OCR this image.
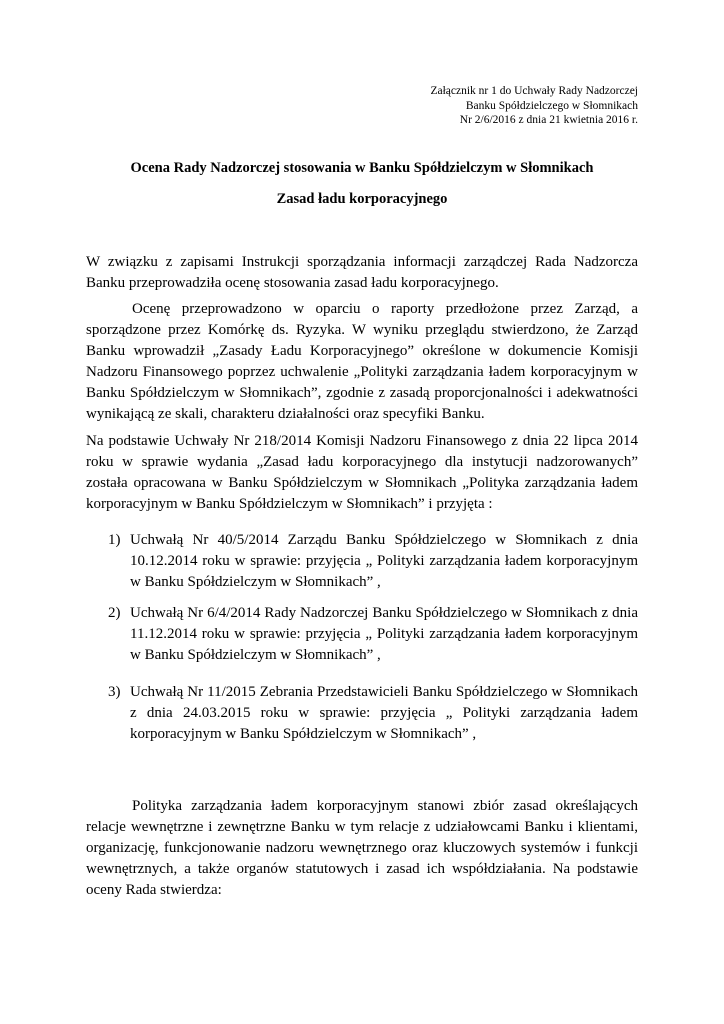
Załącznik nr 1 do Uchwały Rady Nadzorczej
Banku Spółdzielczego w Słomnikach
Nr 2/6/2016 z dnia 21 kwietnia 2016 r.
Ocena Rady Nadzorczej stosowania w Banku Spółdzielczym w Słomnikach
Zasad ładu korporacyjnego

W związku z zapisami Instrukcji sporządzania informacji zarządczej Rada Nadzorcza Banku przeprowadziła ocenę stosowania zasad ładu korporacyjnego.

Ocenę przeprowadzono w oparciu o raporty przedłożone przez Zarząd, a sporządzone przez Komórkę ds. Ryzyka. W wyniku przeglądu stwierdzono, że Zarząd Banku wprowadził „Zasady Ładu Korporacyjnego” określone w dokumencie Komisji Nadzoru Finansowego poprzez uchwalenie „Polityki zarządzania ładem korporacyjnym w Banku Spółdzielczym w Słomnikach”, zgodnie z zasadą proporcjonalności i adekwatności wynikającą ze skali, charakteru działalności oraz specyfiki Banku.

Na podstawie Uchwały Nr 218/2014 Komisji Nadzoru Finansowego z dnia 22 lipca 2014 roku w sprawie wydania „Zasad ładu korporacyjnego dla instytucji nadzorowanych” została opracowana w Banku Spółdzielczym w Słomnikach „Polityka zarządzania ładem korporacyjnym w Banku Spółdzielczym w Słomnikach” i przyjęta :

1) Uchwałą Nr 40/5/2014 Zarządu Banku Spółdzielczego w Słomnikach z dnia 10.12.2014 roku w sprawie: przyjęcia „ Polityki zarządzania ładem korporacyjnym w Banku Spółdzielczym w Słomnikach” ,
2) Uchwałą Nr 6/4/2014 Rady Nadzorczej Banku Spółdzielczego w Słomnikach z dnia 11.12.2014 roku w sprawie: przyjęcia „ Polityki zarządzania ładem korporacyjnym w Banku Spółdzielczym w Słomnikach” ,
3) Uchwałą Nr 11/2015 Zebrania Przedstawicieli Banku Spółdzielczego w Słomnikach z dnia 24.03.2015 roku w sprawie: przyjęcia „ Polityki zarządzania ładem korporacyjnym w Banku Spółdzielczym w Słomnikach” ,

Polityka zarządzania ładem korporacyjnym stanowi zbiór zasad określających relacje wewnętrzne i zewnętrzne Banku w tym relacje z udziałowcami Banku i klientami, organizację, funkcjonowanie nadzoru wewnętrznego oraz kluczowych systemów i funkcji wewnętrznych, a także organów statutowych i zasad ich współdziałania. Na podstawie oceny Rada stwierdza:
